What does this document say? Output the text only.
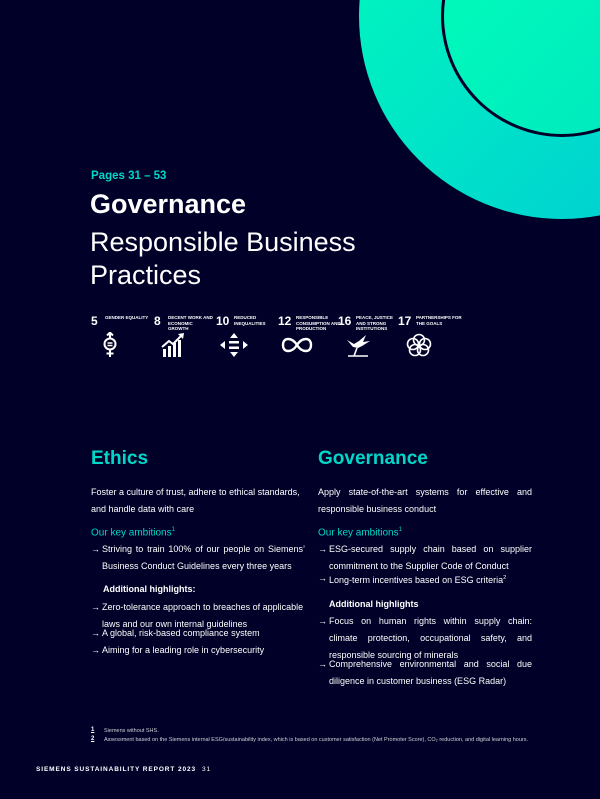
Pages 31 – 53
Governance
Responsible Business Practices
5 GENDER EQUALITY 8 DECENT WORK AND ECONOMIC GROWTH
10 REDUCED INEQUALITIES	12 RESPONSIBLE CONSUMPTION AND PRODUCTION
16 PEACE, JUSTICE AND STRONG INSTITUTIONS
17 PARTNERSHIPS FOR THE GOALS
Ethics
Foster a culture of trust, adhere to ethical standards, and handle data with care
Our key ambitions$^1$
→ Striving to train 100% of our people on Siemens’ Business Conduct Guidelines every three years
Additional highlights:
→ Zero-tolerance approach to breaches of applicable laws and our own internal guidelines
→ A global, risk-based compliance system
→ Aiming for a leading role in cybersecurity
Governance
Apply state-of-the-art systems for effective and responsible business conduct
Our key ambitions$^1$
→ ESG-secured supply chain based on supplier commitment to the Supplier Code of Conduct
→ Long-term incentives based on ESG criteria$^2$
Additional highlights
→ Focus on human rights within supply chain: climate protection, occupational safety, and responsible sourcing of minerals
→ Comprehensive environmental and social due diligence in customer business (ESG Radar)
1 Siemens without SHS.
2 Assessment based on the Siemens internal ESG/sustainability index, which is based on customer satisfaction (Net Promoter Score), CO₂ reduction, and digital learning hours.
SIEMENS SUSTAINABILITY REPORT 2023 31
